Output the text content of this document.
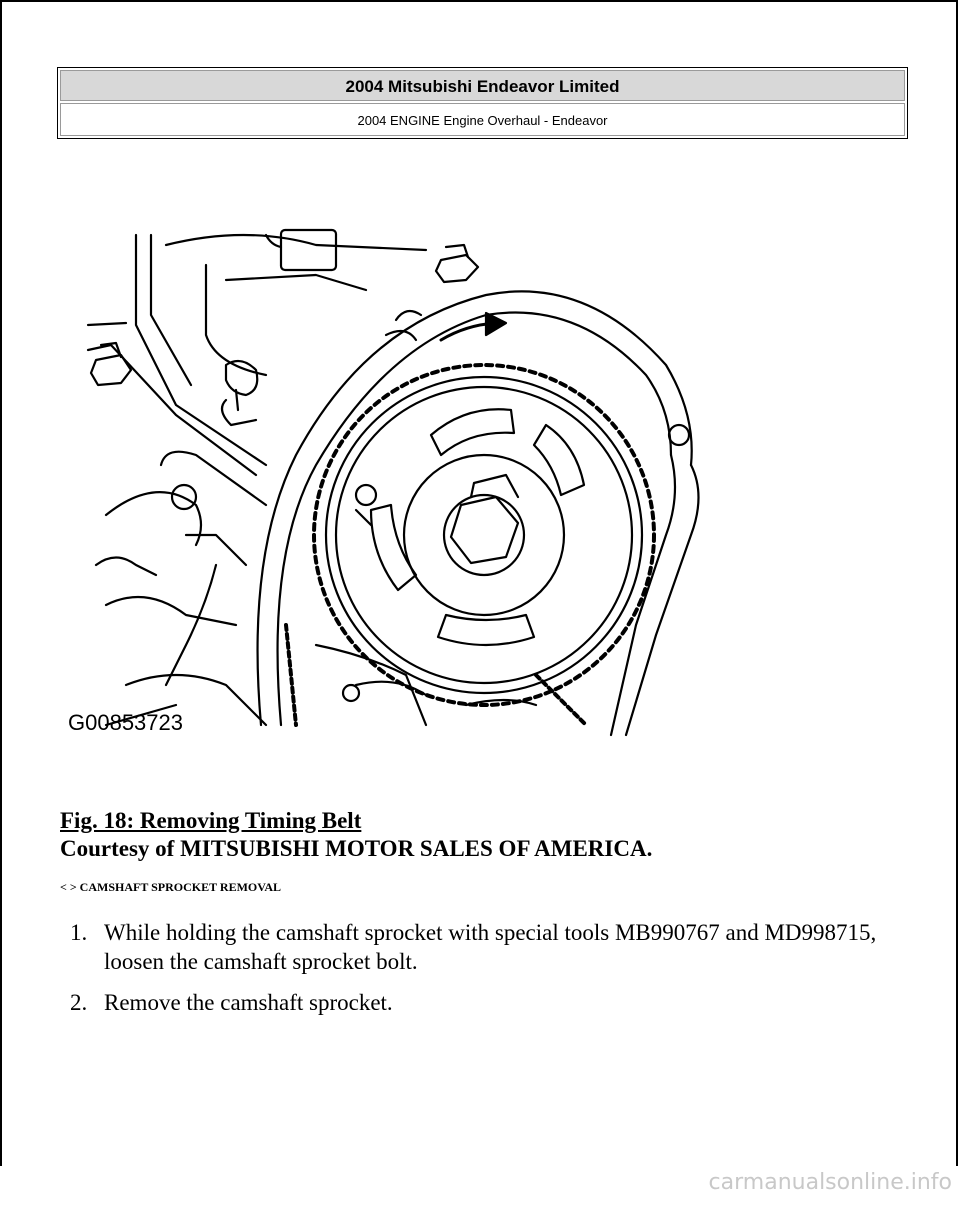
2004 Mitsubishi Endeavor Limited
2004 ENGINE Engine Overhaul - Endeavor
G00853723
Fig. 18: Removing Timing Belt
Courtesy of MITSUBISHI MOTOR SALES OF AMERICA.
< > CAMSHAFT SPROCKET REMOVAL
1. While holding the camshaft sprocket with special tools MB990767 and MD998715, loosen the camshaft sprocket bolt.
2. Remove the camshaft sprocket.
carmanualsonline.info
